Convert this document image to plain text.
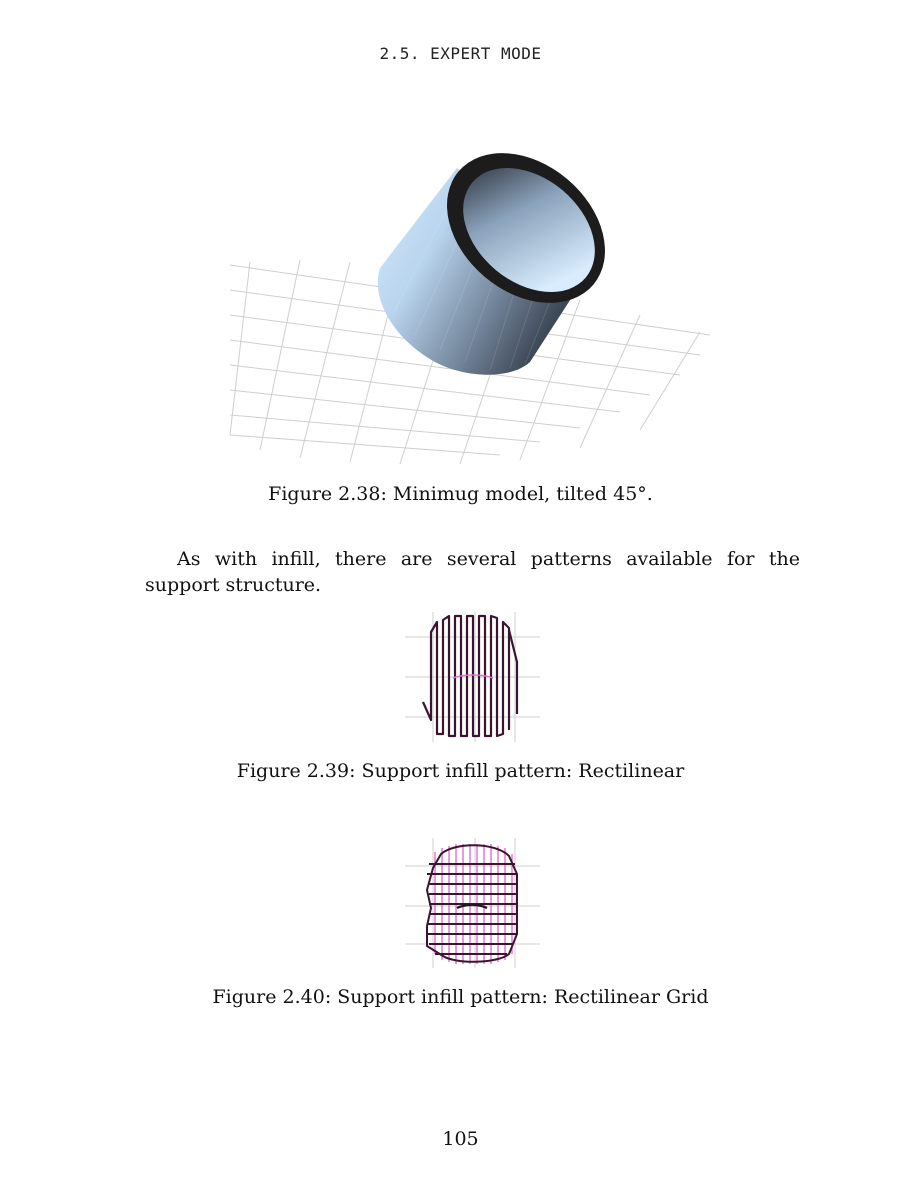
2.5. EXPERT MODE
Figure 2.38: Minimug model, tilted 45°.
As with infill, there are several patterns available for the support structure.
Figure 2.39: Support infill pattern: Rectilinear
Figure 2.40: Support infill pattern: Rectilinear Grid
105
